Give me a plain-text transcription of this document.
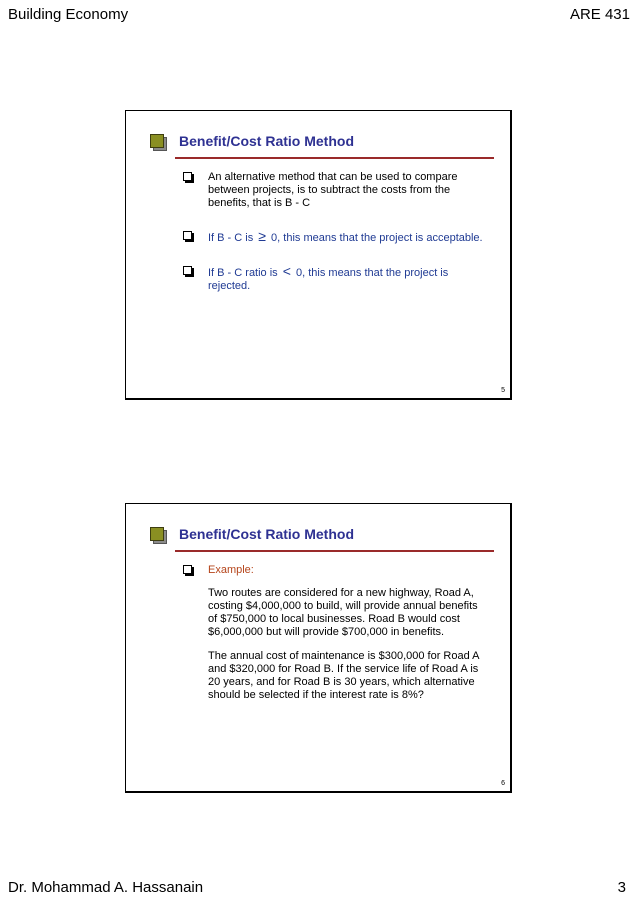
Building Economy	ARE 431
Benefit/Cost Ratio Method
An alternative method that can be used to compare between projects, is to subtract the costs from the benefits, that is B - C
If B - C is ≥ 0, this means that the project is acceptable.
If B - C ratio is < 0, this means that the project is rejected.
5
Benefit/Cost Ratio Method
Example:
Two routes are considered for a new highway, Road A, costing $4,000,000 to build, will provide annual benefits of $750,000 to local businesses. Road B would cost $6,000,000 but will provide $700,000 in benefits.
The annual cost of maintenance is $300,000 for Road A and $320,000 for Road B. If the service life of Road A is 20 years, and for Road B is 30 years, which alternative should be selected if the interest rate is 8%?
6
Dr. Mohammad A. Hassanain	3
